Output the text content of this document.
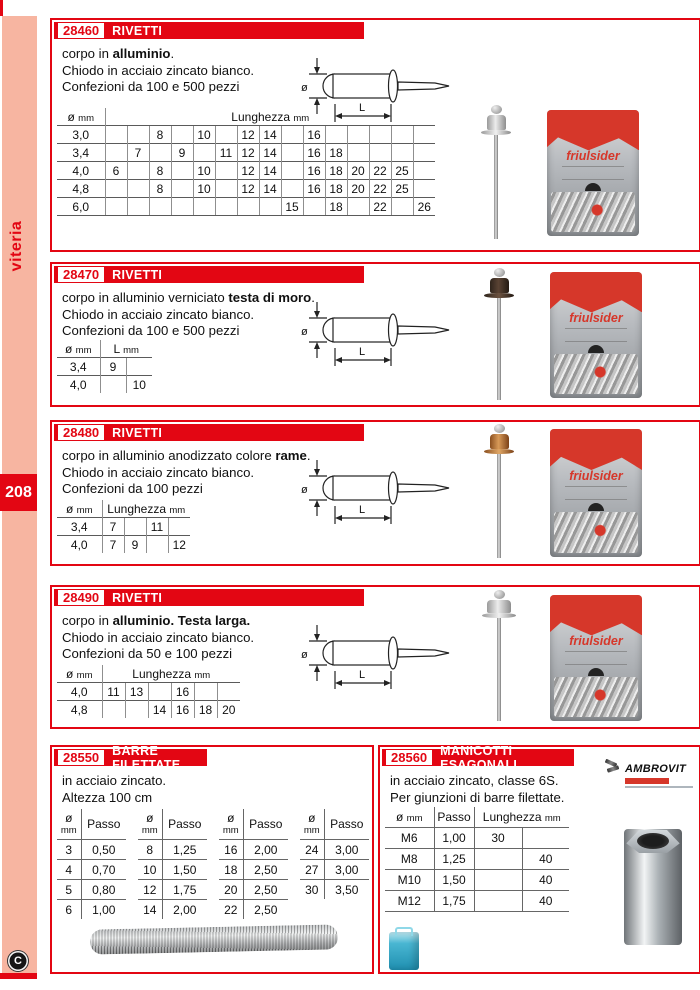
viteria
208
C
28460	RIVETTI
corpo in alluminio.
Chiodo in acciaio zincato bianco.
Confezioni da 100 e 500 pezzi	ø
L
ø mm	Lunghezza mm														
3,0			8		10		12	14		16					
3,4		7		9		11	12	14		16	18				
4,0	6		8		10		12	14		16	18	20	22	25	
4,8			8		10		12	14		16	18	20	22	25	
6,0									15		18		22		26
friulsider
28470	RIVETTI
corpo in alluminio verniciato testa di moro.
Chiodo in acciaio zincato bianco.
Confezioni da 100 e 500 pezzi	ø
L
ø mm	L mm	
3,4	9	
4,0		10
friulsider
28480	RIVETTI
corpo in alluminio anodizzato colore rame.
Chiodo in acciaio zincato bianco.
Confezioni da 100 pezzi	ø
L
ø mm	Lunghezza mm			
3,4	7		11	
4,0	7	9		12
friulsider
28490	RIVETTI
corpo in alluminio. Testa larga.
Chiodo in acciaio zincato bianco.
Confezioni da 50 e 100 pezzi	ø
L
ø mm	Lunghezza mm					
4,0	11	13		16		
4,8			14	16	18	20
friulsider
28550	BARRE FILETTATE
in acciaio zincato.
Altezza 100 cm
ø
mm	Passo
3	0,50
4	0,70
5	0,80
6	1,00
ø
mm	Passo
8	1,25
10	1,50
12	1,75
14	2,00
ø
mm	Passo
16	2,00
18	2,50
20	2,50
22	2,50
ø
mm	Passo
24	3,00
27	3,00
30	3,50
28560	MANICOTTI ESAGONALI	AMBROVIT
in acciaio zincato, classe 6S.
Per giunzioni di barre filettate.
ø mm	Passo	Lunghezza mm	
M6	1,00	30	
M8	1,25		40
M10	1,50		40
M12	1,75		40
